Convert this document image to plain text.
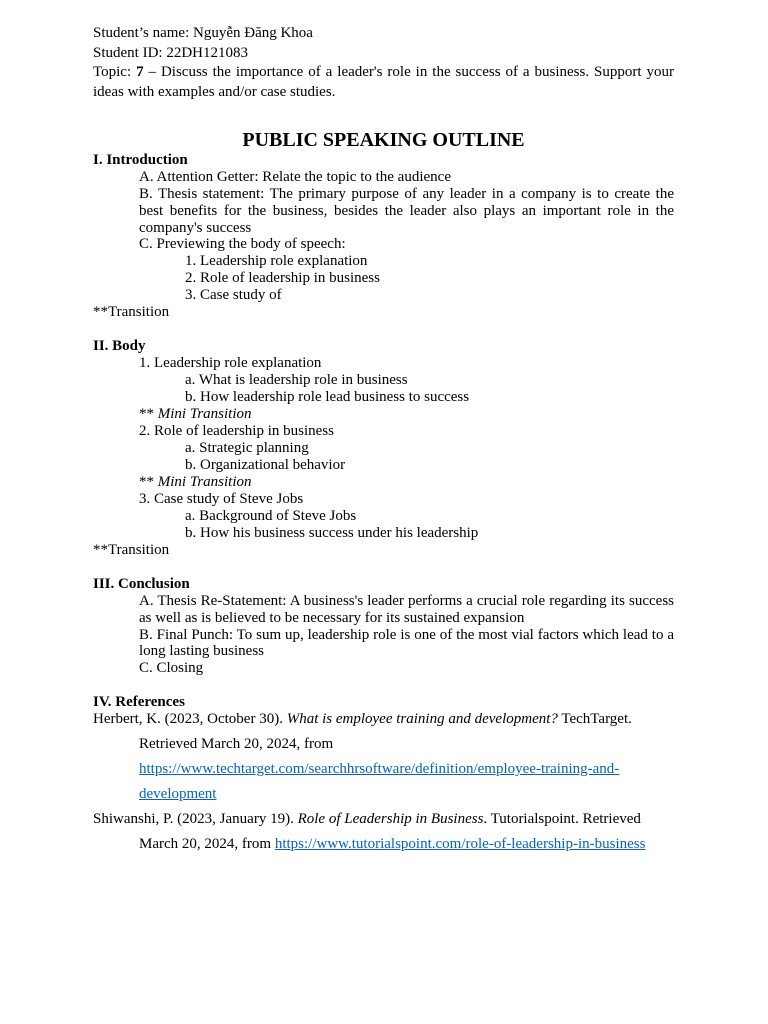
Student’s name: Nguyễn Đăng Khoa
Student ID: 22DH121083
Topic: 7 – Discuss the importance of a leader's role in the success of a business. Support your ideas with examples and/or case studies.
PUBLIC SPEAKING OUTLINE
I. Introduction
A. Attention Getter: Relate the topic to the audience
B. Thesis statement: The primary purpose of any leader in a company is to create the best benefits for the business, besides the leader also plays an important role in the company's success
C. Previewing the body of speech:
1. Leadership role explanation
2. Role of leadership in business
3. Case study of
**Transition
II. Body
1. Leadership role explanation
a. What is leadership role in business
b. How leadership role lead business to success
** Mini Transition
2. Role of leadership in business
a. Strategic planning
b. Organizational behavior
** Mini Transition
3. Case study of Steve Jobs
a. Background of Steve Jobs
b. How his business success under his leadership
**Transition
III. Conclusion
A. Thesis Re-Statement: A business's leader performs a crucial role regarding its success as well as is believed to be necessary for its sustained expansion
B. Final Punch: To sum up, leadership role is one of the most vial factors which lead to a long lasting business
C. Closing
IV. References
Herbert, K. (2023, October 30). What is employee training and development? TechTarget.
Retrieved March 20, 2024, from
https://www.techtarget.com/searchhrsoftware/definition/employee-training-and-
development
Shiwanshi, P. (2023, January 19). Role of Leadership in Business. Tutorialspoint. Retrieved
March 20, 2024, from https://www.tutorialspoint.com/role-of-leadership-in-business
